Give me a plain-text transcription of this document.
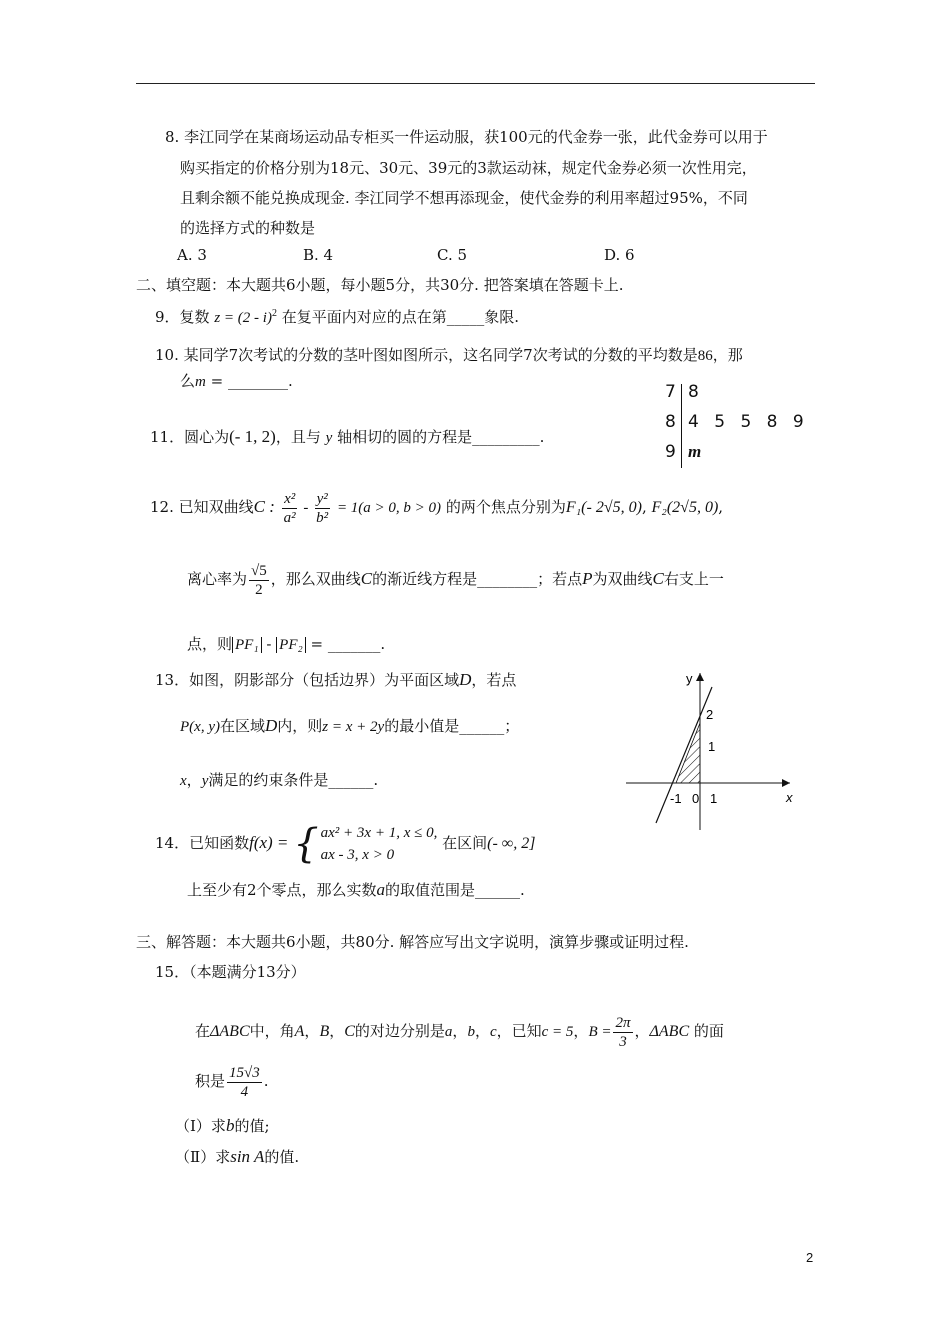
8. 李江同学在某商场运动品专柜买一件运动服，获100元的代金券一张，此代金券可以用于
购买指定的价格分别为18元、30元、39元的3款运动袜，规定代金券必须一次性用完，
且剩余额不能兑换成现金. 李江同学不想再添现金，使代金券的利用率超过95%，不同
的选择方式的种数是
A. 3	B. 4	C. 5	D. 6
二、填空题：本大题共6小题，每小题5分，共30分. 把答案填在答题卡上.
9．复数 z = (2 - i)$^2$ 在复平面内对应的点在第_____象限.
10. 某同学7次考试的分数的茎叶图如图所示，这名同学7次考试的分数的平均数是86，那
么m = ________.
7 8
8 4 5 5 8 9
9 m
11．圆心为(- 1, 2)，且与 y 轴相切的圆的方程是_________.
12. 已知双曲线C : $\frac{\text{x²}}{\text{a²}} - \frac{\text{y²}}{\text{b²}} = 1(a > 0$, b > 0) 的两个焦点分别为F₁(- 2√5, 0), F₂(2√5, 0),
离心率为 $\frac{√5}{2}$ ，那么双曲线C的渐近线方程是________；若点P为双曲线C右支上一
点，则 PF₁ - PF₂ = _______.
13．如图，阴影部分（包括边界）为平面区域D，若点
P(x, y)在区域D内，则z = x + 2y的最小值是______；
x，y满足的约束条件是______.
y
x
2
1
-1 0 1
14．已知函数f(x) = { ax² + 3x + 1, x ≤ 0,
ax - 3, x > 0
在区间(- ∞, 2]
上至少有2个零点，那么实数a的取值范围是______.
三、解答题：本大题共6小题，共80分. 解答应写出文字说明，演算步骤或证明过程.
15．（本题满分13分）
在ΔABC中，角A，B，C的对边分别是a，b，c，已知c = 5，$B = \frac{2\pi}{3}$ ，ΔABC 的面
积是 $\frac{15√3}{4}$ .
（Ⅰ）求b的值;
（Ⅱ）求sin A的值.
2
